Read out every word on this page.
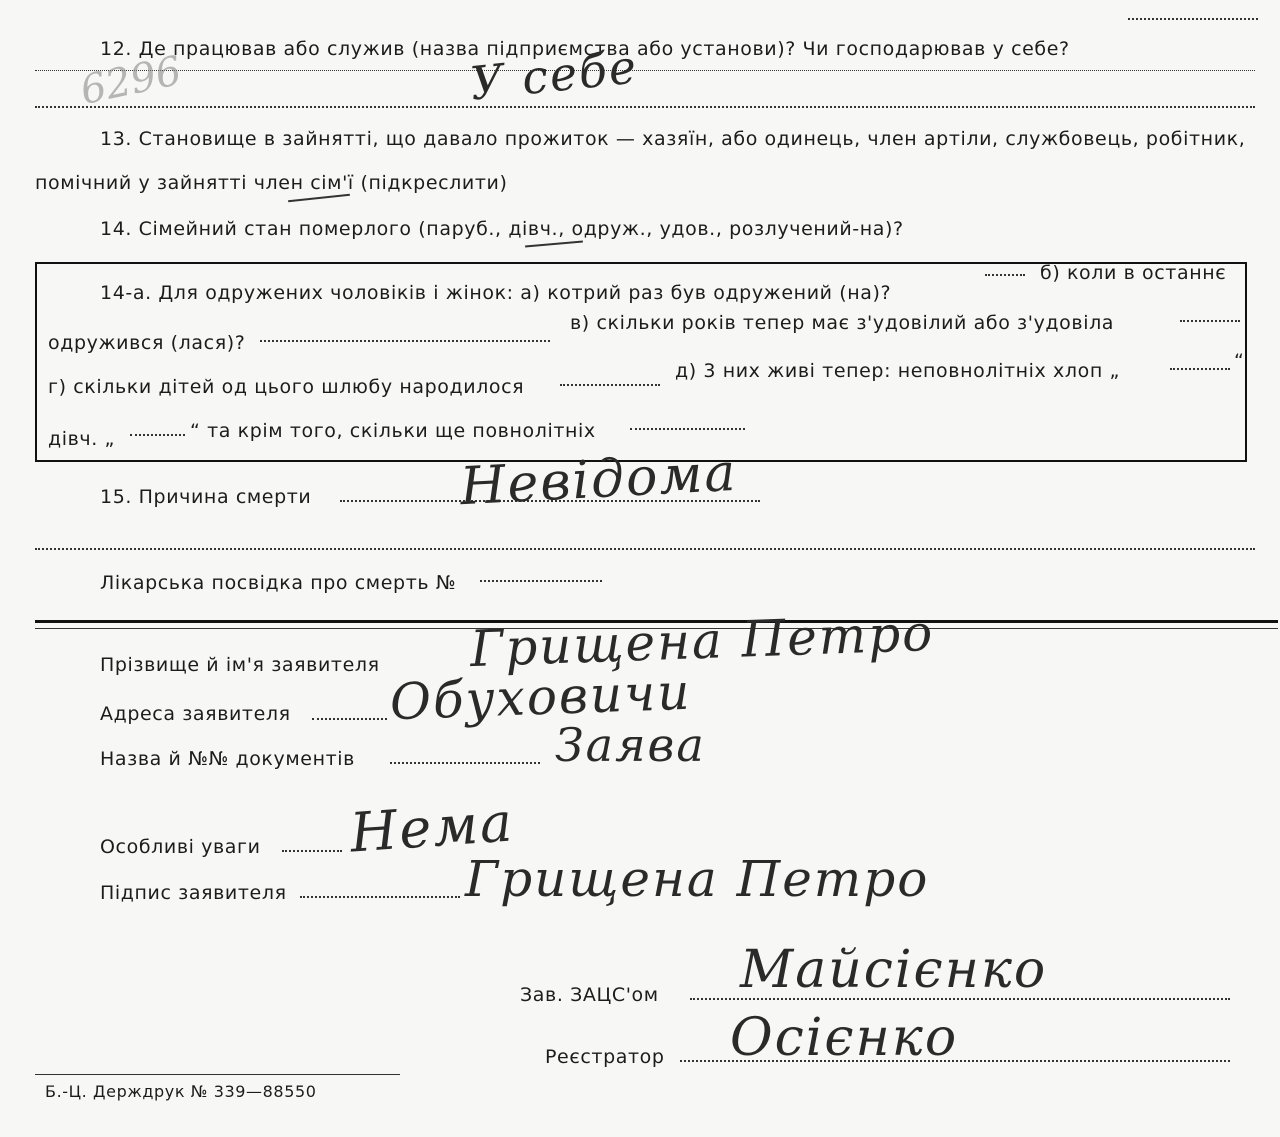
12. Де працював або служив (назва підприємства або установи)? Чи господарював у себе?
6296	У себе
13. Становище в зайнятті, що давало прожиток — хазяїн, або одинець, член артіли, службовець, робітник,
помічний у зайнятті член сім'ї (підкреслити)
14. Сімейний стан померлого (паруб., дівч., одруж., удов., розлучений-на)?
14-а. Для одружених чоловіків і жінок: а) котрий раз був одружений (на)?
б) коли в останнє
одружився (лася)?
в) скільки років тепер має з'удовілий або з'удовіла
г) скільки дітей од цього шлюбу народилося
д) 3 них живі тепер: неповнолітніх хлоп „	“
дівч. „	“ та крім того, скільки ще повнолітніх
15. Причина смерти	Невідома
Лікарська посвідка про смерть №
Прізвище й ім'я заявителя Грищена Петро
Адреса заявителя Обуховичи
Назва й №№ документів	Заява
Особливі уваги Нема
Підпис заявителя	Грищена Петро
Зав. ЗАЦС'ом Майсієнко
Реєстратор Осієнко
Б.-Ц. Держдрук № 339—88550
